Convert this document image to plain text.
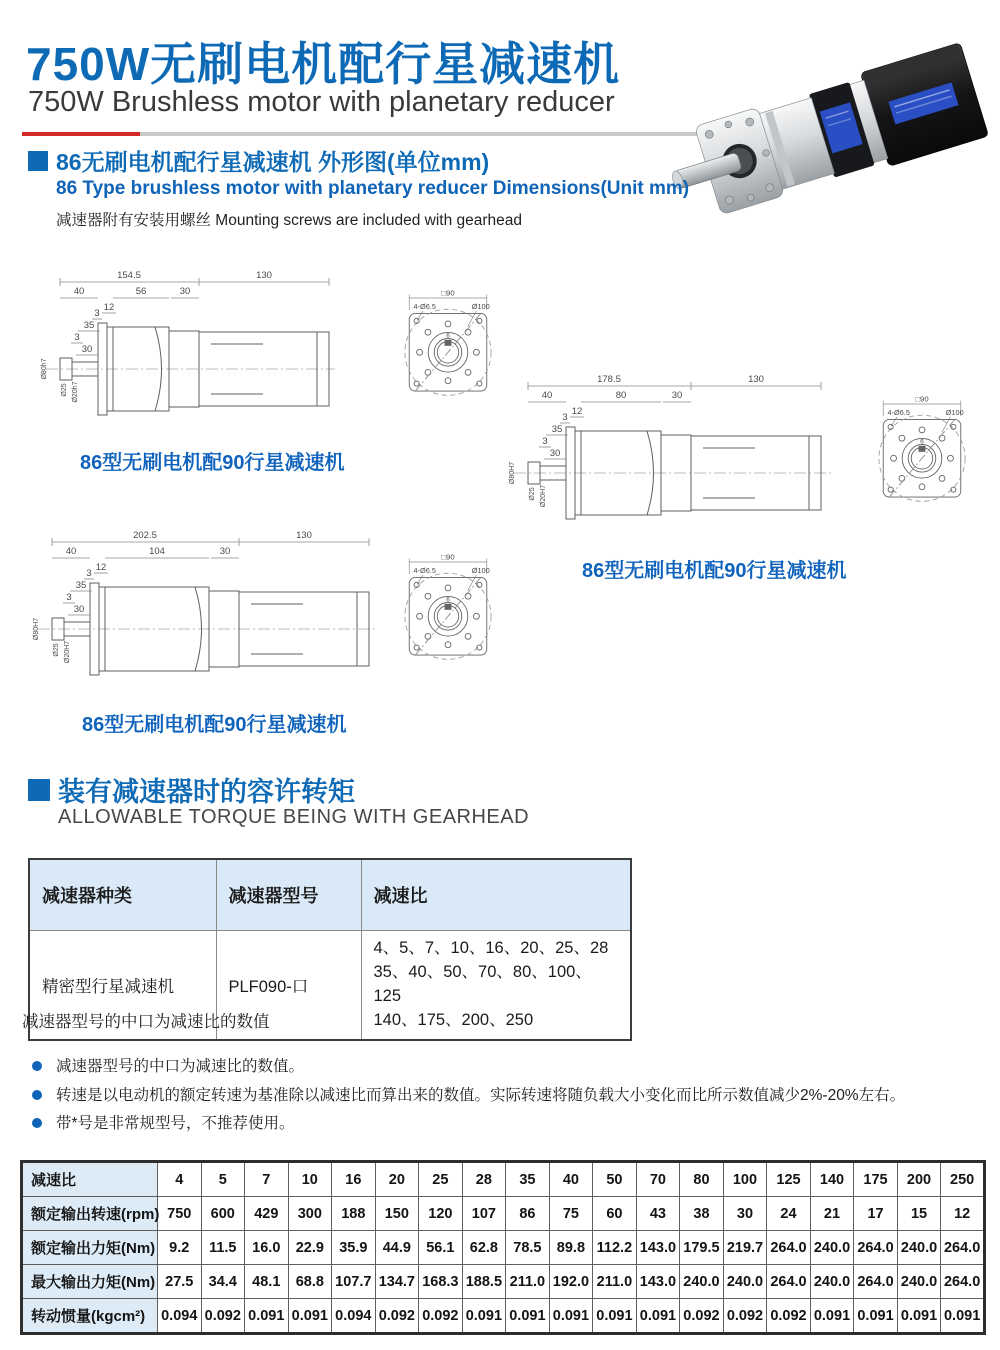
750W无刷电机配行星减速机
750W Brushless motor with planetary reducer
86无刷电机配行星减速机 外形图(单位mm)
86 Type brushless motor with planetary reducer Dimensions(Unit mm)
减速器附有安装用螺丝 Mounting screws are included with gearhead
154.5	130
40	56	30
12
3
35
3
30
Ø80h7
Ø25 Ø20h7
□90
4-Ø6.5	Ø100
6
86型无刷电机配90行星减速机
178.5	130
40	80	30
12
3
35
3
30
Ø80H7
Ø25 Ø20H7
□90
4-Ø6.5	Ø100
6
86型无刷电机配90行星减速机
202.5	130
40	104	30
12
3
35
3
30
Ø80H7
Ø25 Ø20H7
□90
4-Ø6.5	Ø100
6
86型无刷电机配90行星减速机
装有减速器时的容许转矩
ALLOWABLE TORQUE BEING WITH GEARHEAD
减速器种类	减速器型号	减速比
精密型行星减速机	PLF090-口	4、5、7、10、16、20、25、28
35、40、50、70、80、100、125
140、175、200、250
减速器型号的中口为减速比的数值
减速器型号的中口为减速比的数值。
转速是以电动机的额定转速为基准除以减速比而算出来的数值。实际转速将随负载大小变化而比所示数值减少2%-20%左右。
带*号是非常规型号，不推荐使用。
减速比	4	5	7	10	16	20	25	28	35	40	50	70	80	100	125	140	175	200	250
额定输出转速(rpm)	750	600	429	300	188	150	120	107	86	75	60	43	38	30	24	21	17	15	12
额定输出力矩(Nm)	9.2	11.5	16.0	22.9	35.9	44.9	56.1	62.8	78.5	89.8	112.2	143.0	179.5	219.7	264.0	240.0	264.0	240.0	264.0
最大输出力矩(Nm)	27.5	34.4	48.1	68.8	107.7	134.7	168.3	188.5	211.0	192.0	211.0	143.0	240.0	240.0	264.0	240.0	264.0	240.0	264.0
转动惯量(kgcm²)	0.094	0.092	0.091	0.091	0.094	0.092	0.092	0.091	0.091	0.091	0.091	0.091	0.092	0.092	0.092	0.091	0.091	0.091	0.091
